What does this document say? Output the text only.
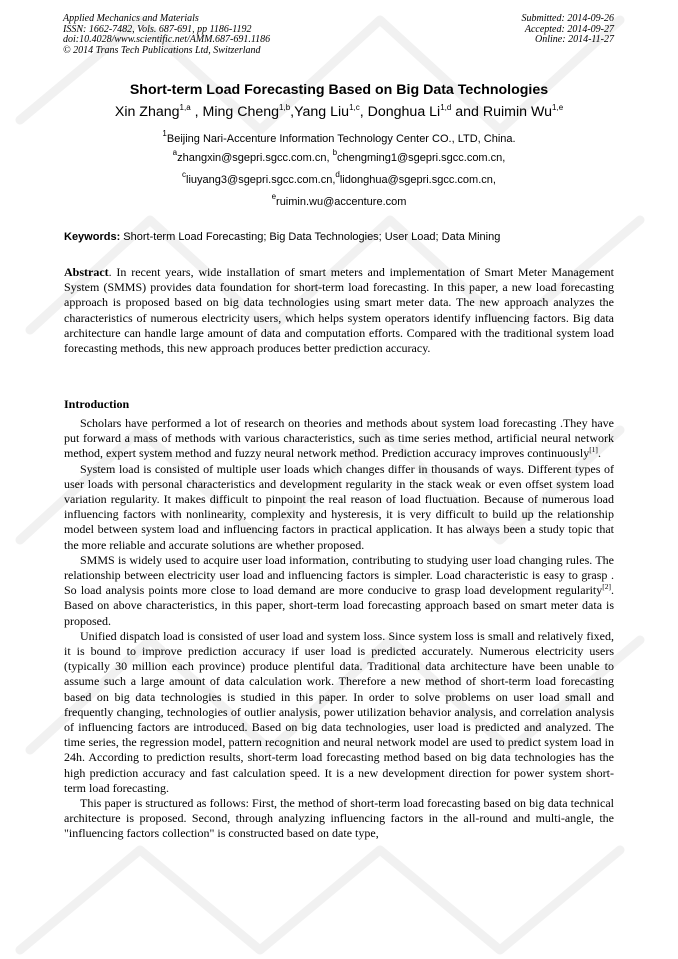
Applied Mechanics and Materials
ISSN: 1662-7482, Vols. 687-691, pp 1186-1192
doi:10.4028/www.scientific.net/AMM.687-691.1186
© 2014 Trans Tech Publications Ltd, Switzerland
Submitted: 2014-09-26
Accepted: 2014-09-27
Online: 2014-11-27
Short-term Load Forecasting Based on Big Data Technologies
Xin Zhang$^{1,a}$ , Ming Cheng$^{1,b}$,Yang Liu$^{1,c}$, Donghua Li$^{1,d}$ and Ruimin Wu$^{1,e}$
$^1$Beijing Nari-Accenture Information Technology Center CO., LTD, China.
$^a$zhangxin@sgepri.sgcc.com.cn, $^b$chengming1@sgepri.sgcc.com.cn,
$^c$liuyang3@sgepri.sgcc.com.cn,$^d$lidonghua@sgepri.sgcc.com.cn,
$^e$ruimin.wu@accenture.com
Keywords: Short-term Load Forecasting; Big Data Technologies; User Load; Data Mining

Abstract. In recent years, wide installation of smart meters and implementation of Smart Meter Management System (SMMS) provides data foundation for short-term load forecasting. In this paper, a new load forecasting approach is proposed based on big data technologies using smart meter data. The new approach analyzes the characteristics of numerous electricity users, which helps system operators identify influencing factors. Big data architecture can handle large amount of data and computation efforts. Compared with the traditional system load forecasting methods, this new approach produces better prediction accuracy.

Introduction

Scholars have performed a lot of research on theories and methods about system load forecasting .They have put forward a mass of methods with various characteristics, such as time series method, artificial neural network method, expert system method and fuzzy neural network method. Prediction accuracy improves continuously[1].

System load is consisted of multiple user loads which changes differ in thousands of ways. Different types of user loads with personal characteristics and development regularity in the stack weak or even offset system load variation regularity. It makes difficult to pinpoint the real reason of load fluctuation. Because of numerous load influencing factors with nonlinearity, complexity and hysteresis, it is very difficult to build up the relationship model between system load and influencing factors in practical application. It has always been a study topic that the more reliable and accurate solutions are whether proposed.

SMMS is widely used to acquire user load information, contributing to studying user load changing rules. The relationship between electricity user load and influencing factors is simpler. Load characteristic is easy to grasp . So load analysis points more close to load demand are more conducive to grasp load development regularity[2]. Based on above characteristics, in this paper, short-term load forecasting approach based on smart meter data is proposed.

Unified dispatch load is consisted of user load and system loss. Since system loss is small and relatively fixed, it is bound to improve prediction accuracy if user load is predicted accurately. Numerous electricity users (typically 30 million each province) produce plentiful data. Traditional data architecture have been unable to assume such a large amount of data calculation work. Therefore a new method of short-term load forecasting based on big data technologies is studied in this paper. In order to solve problems on user load small and frequently changing, technologies of outlier analysis, power utilization behavior analysis, and correlation analysis of influencing factors are introduced. Based on big data technologies, user load is predicted and analyzed. The time series, the regression model, pattern recognition and neural network model are used to predict system load in 24h. According to prediction results, short-term load forecasting method based on big data technologies has the high prediction accuracy and fast calculation speed. It is a new development direction for power system short-term load forecasting.

This paper is structured as follows: First, the method of short-term load forecasting based on big data technical architecture is proposed. Second, through analyzing influencing factors in the all-round and multi-angle, the "influencing factors collection" is constructed based on date type,
